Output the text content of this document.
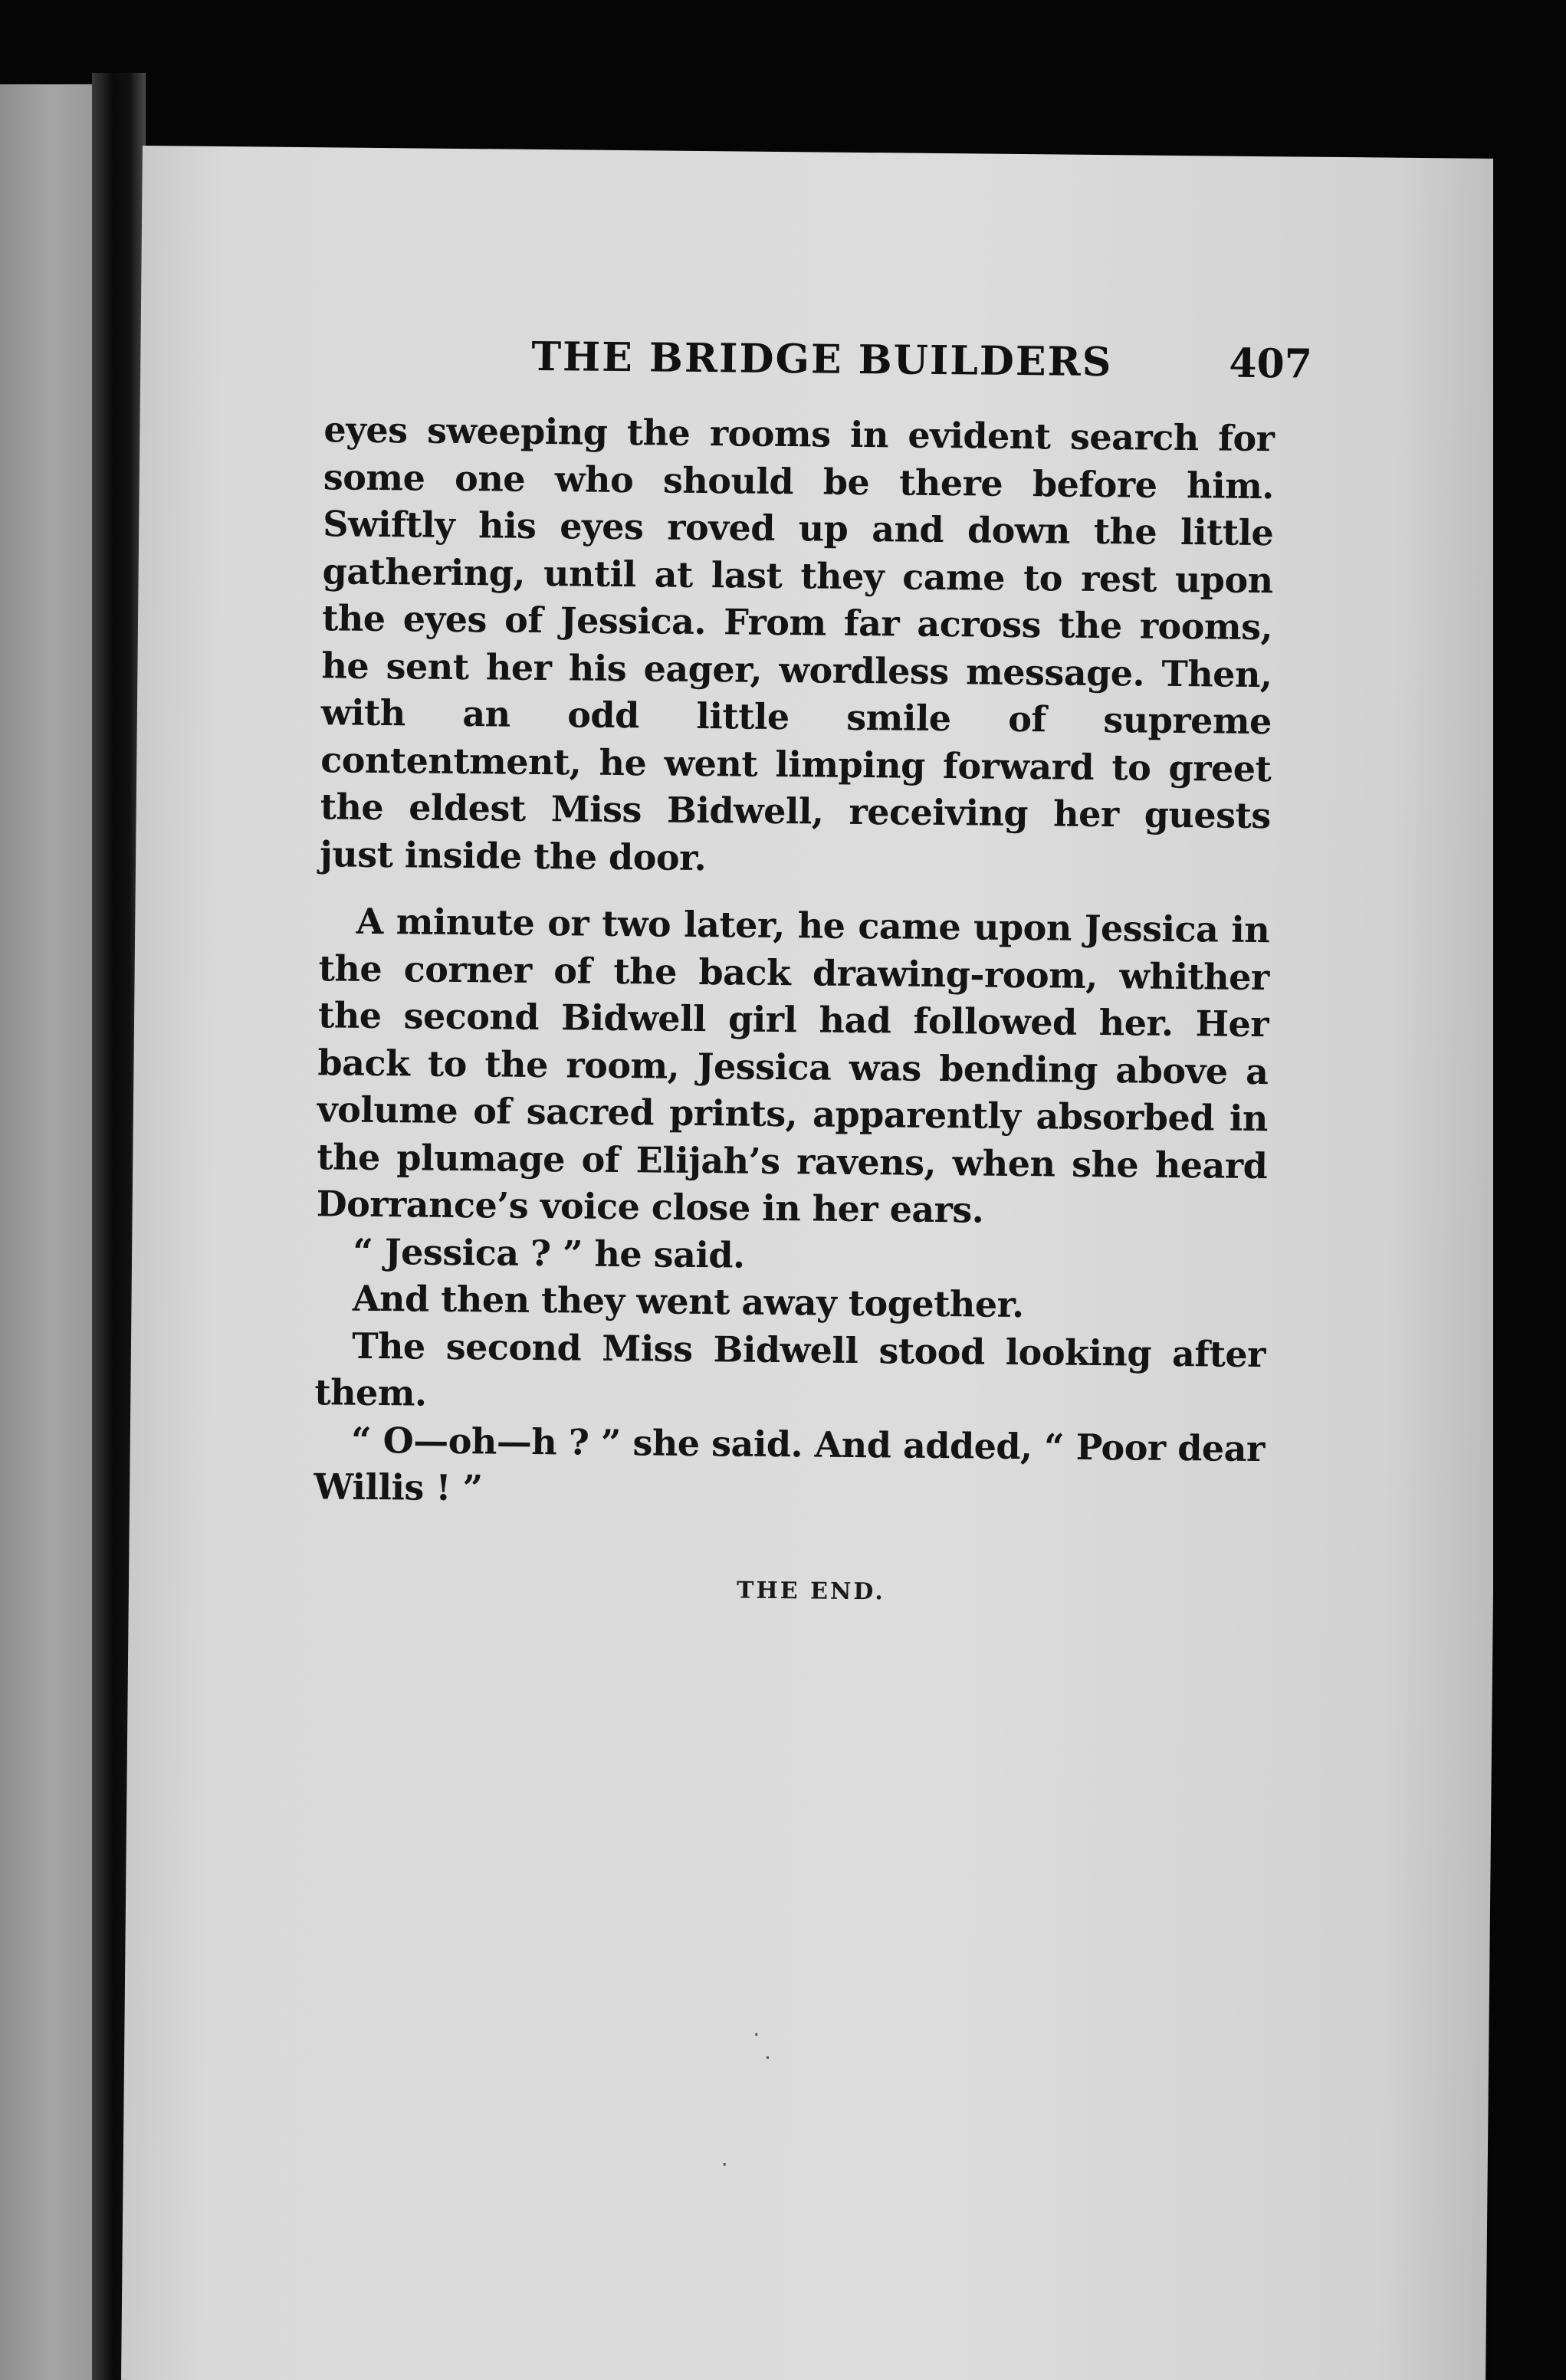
THE BRIDGE BUILDERS	407

eyes sweeping the rooms in evident search for some one who should be there before him. Swiftly his eyes roved up and down the little gathering, until at last they came to rest upon the eyes of Jessica. From far across the rooms, he sent her his eager, wordless message. Then, with an odd little smile of supreme contentment, he went limping forward to greet the eldest Miss Bidwell, receiving her guests just inside the door.

A minute or two later, he came upon Jessica in the corner of the back drawing-room, whither the second Bidwell girl had followed her. Her back to the room, Jessica was bending above a volume of sacred prints, apparently absorbed in the plumage of Elijah’s ravens, when she heard Dorrance’s voice close in her ears.

“ Jessica ? ” he said.

And then they went away together.

The second Miss Bidwell stood looking after them.

“ O—oh—h ? ” she said. And added, “ Poor dear Willis ! ”

THE END.
·
·
·
